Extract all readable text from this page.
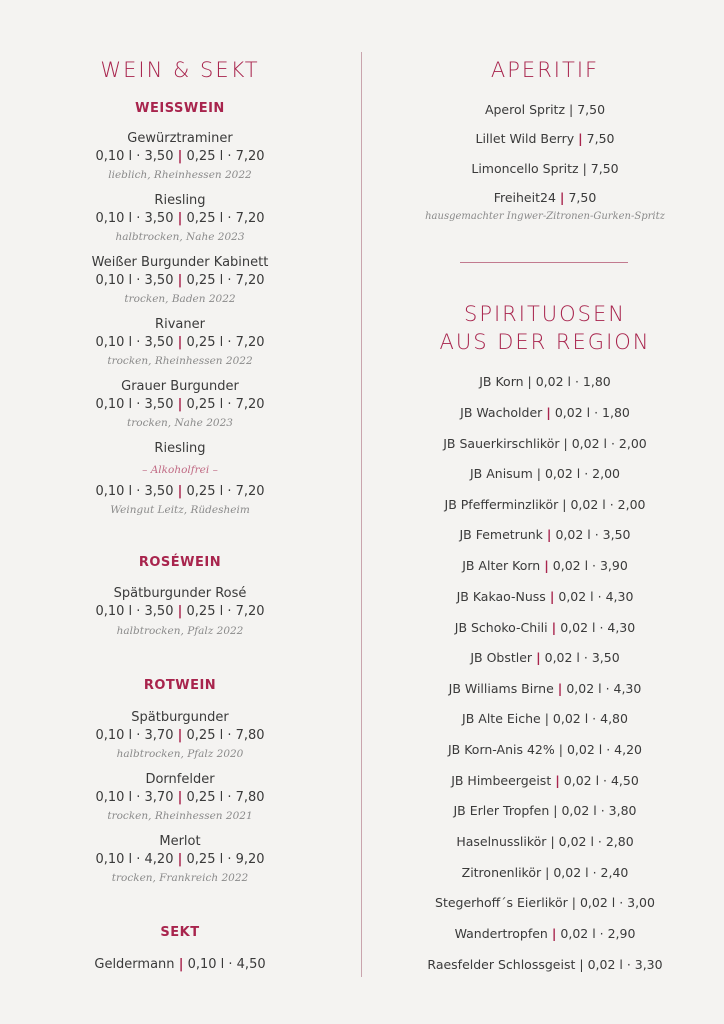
WEIN & SEKT
WEISSWEIN
Gewürztraminer
0,10 l · 3,50 | 0,25 l · 7,20
lieblich, Rheinhessen 2022
Riesling
0,10 l · 3,50 | 0,25 l · 7,20
halbtrocken, Nahe 2023
Weißer Burgunder Kabinett
0,10 l · 3,50 | 0,25 l · 7,20
trocken, Baden 2022
Rivaner
0,10 l · 3,50 | 0,25 l · 7,20
trocken, Rheinhessen 2022
Grauer Burgunder
0,10 l · 3,50 | 0,25 l · 7,20
trocken, Nahe 2023
Riesling
– Alkoholfrei –
0,10 l · 3,50 | 0,25 l · 7,20
Weingut Leitz, Rüdesheim
ROSÉWEIN
Spätburgunder Rosé
0,10 l · 3,50 | 0,25 l · 7,20
halbtrocken, Pfalz 2022
ROTWEIN
Spätburgunder
0,10 l · 3,70 | 0,25 l · 7,80
halbtrocken, Pfalz 2020
Dornfelder
0,10 l · 3,70 | 0,25 l · 7,80
trocken, Rheinhessen 2021
Merlot
0,10 l · 4,20 | 0,25 l · 9,20
trocken, Frankreich 2022
SEKT
Geldermann | 0,10 l · 4,50
APERITIF
Aperol Spritz | 7,50
Lillet Wild Berry | 7,50
Limoncello Spritz | 7,50
Freiheit24 | 7,50
hausgemachter Ingwer-Zitronen-Gurken-Spritz
SPIRITUOSEN
AUS DER REGION
JB Korn | 0,02 l · 1,80
JB Wacholder | 0,02 l · 1,80
JB Sauerkirschlikör | 0,02 l · 2,00
JB Anisum | 0,02 l · 2,00
JB Pfefferminzlikör | 0,02 l · 2,00
JB Femetrunk | 0,02 l · 3,50
JB Alter Korn | 0,02 l · 3,90
JB Kakao-Nuss | 0,02 l · 4,30
JB Schoko-Chili | 0,02 l · 4,30
JB Obstler | 0,02 l · 3,50
JB Williams Birne | 0,02 l · 4,30
JB Alte Eiche | 0,02 l · 4,80
JB Korn-Anis 42% | 0,02 l · 4,20
JB Himbeergeist | 0,02 l · 4,50
JB Erler Tropfen | 0,02 l · 3,80
Haselnusslikör | 0,02 l · 2,80
Zitronenlikör | 0,02 l · 2,40
Stegerhoff´s Eierlikör | 0,02 l · 3,00
Wandertropfen | 0,02 l · 2,90
Raesfelder Schlossgeist | 0,02 l · 3,30
